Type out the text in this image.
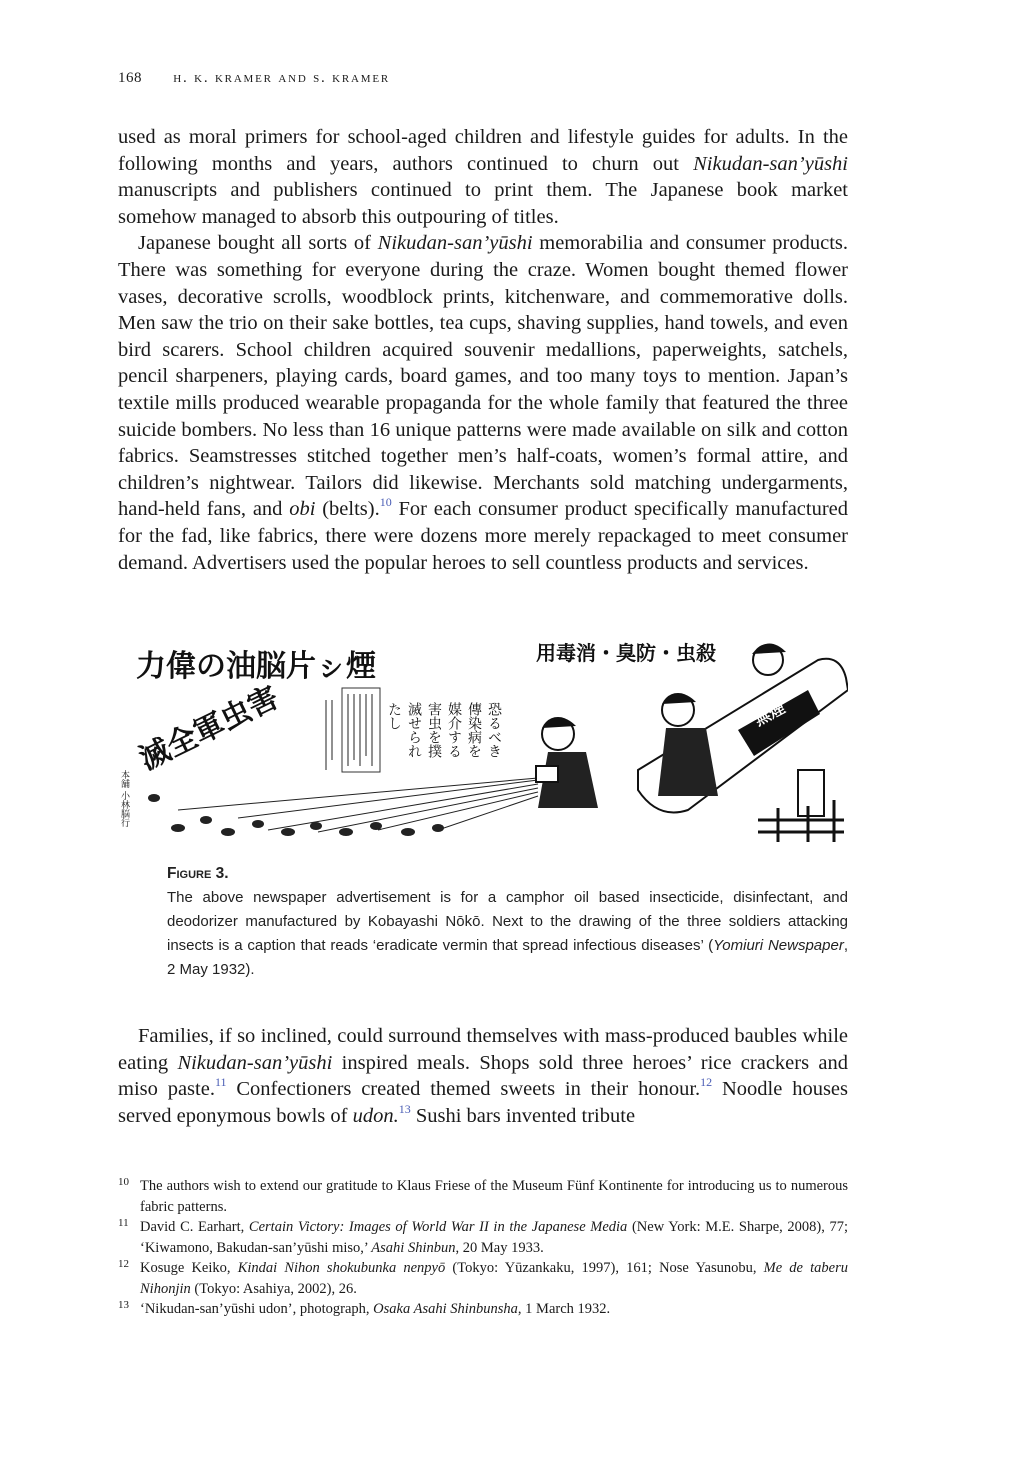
168 h. k. kramer and s. kramer

used as moral primers for school-aged children and lifestyle guides for adults. In the following months and years, authors continued to churn out Nikudan-san’yūshi manuscripts and publishers continued to print them. The Japanese book market somehow managed to absorb this outpouring of titles.

Japanese bought all sorts of Nikudan-san’yūshi memorabilia and consumer products. There was something for everyone during the craze. Women bought themed flower vases, decorative scrolls, woodblock prints, kitchenware, and commemorative dolls. Men saw the trio on their sake bottles, tea cups, shaving supplies, hand towels, and even bird scarers. School children acquired souvenir medallions, paperweights, satchels, pencil sharpeners, playing cards, board games, and too many toys to mention. Japan’s textile mills produced wearable propaganda for the whole family that featured the three suicide bombers. No less than 16 unique patterns were made available on silk and cotton fabrics. Seamstresses stitched together men’s half-coats, women’s formal attire, and children’s nightwear. Tailors did likewise. Merchants sold matching undergarments, hand-held fans, and obi (belts).$^{10}$ For each consumer product specifically manufactured for the fad, like fabrics, there were dozens more merely repackaged to meet consumer demand. Advertisers used the popular heroes to sell countless products and services.

力偉の油脳片ㇱ煙	用毒消・臭防・虫殺
滅全軍虫害	たし 滅せられ 害虫を撲 媒介する 傳染病を 恐るべき
本舗 小林脳行
無煙
Figure 3.

The above newspaper advertisement is for a camphor oil based insecticide, disinfectant, and deodorizer manufactured by Kobayashi Nōkō. Next to the drawing of the three soldiers attacking insects is a caption that reads ‘eradicate vermin that spread infectious diseases’ (Yomiuri Newspaper, 2 May 1932).

Families, if so inclined, could surround themselves with mass-produced baubles while eating Nikudan-san’yūshi inspired meals. Shops sold three heroes’ rice crackers and miso paste.$^{11}$ Confectioners created themed sweets in their honour.$^{12}$ Noodle houses served eponymous bowls of udon.$^{13}$ Sushi bars invented tribute

10 The authors wish to extend our gratitude to Klaus Friese of the Museum Fünf Kontinente for introducing us to numerous fabric patterns.
11 David C. Earhart, Certain Victory: Images of World War II in the Japanese Media (New York: M.E. Sharpe, 2008), 77; ‘Kiwamono, Bakudan-san’yūshi miso,’ Asahi Shinbun, 20 May 1933.
12 Kosuge Keiko, Kindai Nihon shokubunka nenpyō (Tokyo: Yūzankaku, 1997), 161; Nose Yasunobu, Me de taberu Nihonjin (Tokyo: Asahiya, 2002), 26.
13 ‘Nikudan-san’yūshi udon’, photograph, Osaka Asahi Shinbunsha, 1 March 1932.
